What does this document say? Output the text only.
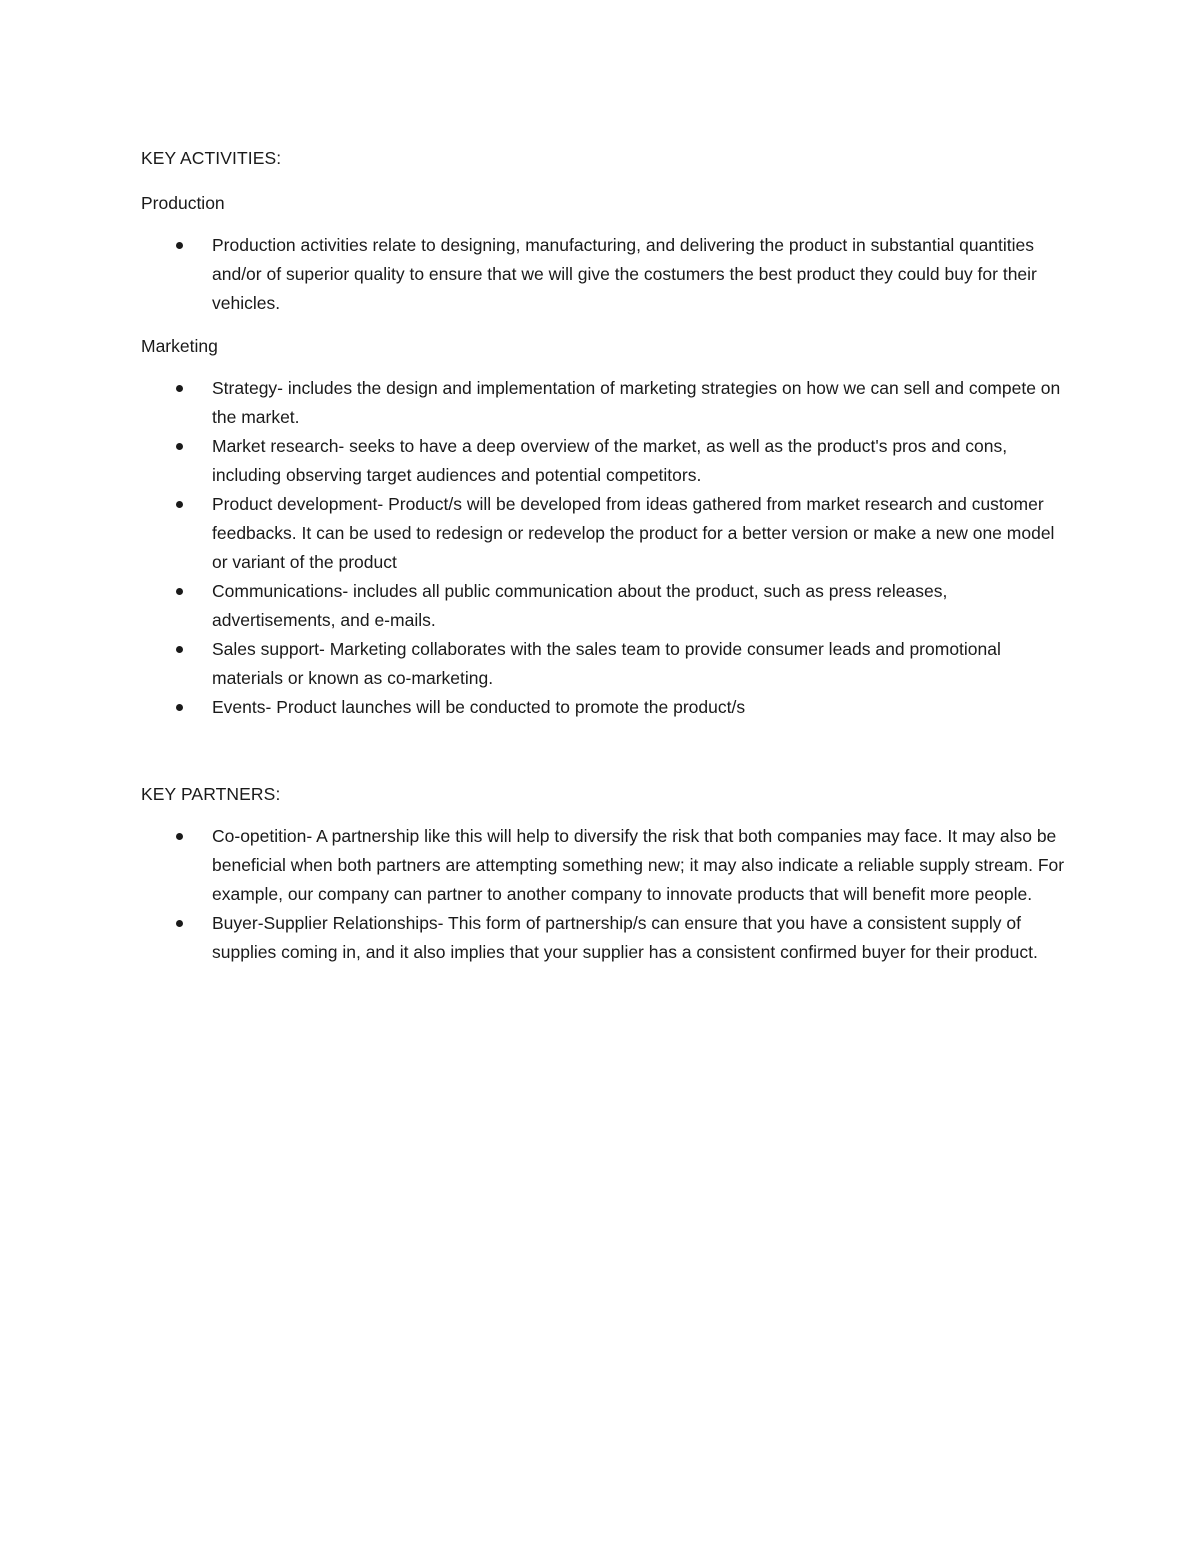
KEY ACTIVITIES:

Production

Production activities relate to designing, manufacturing, and delivering the product in substantial quantities and/or of superior quality to ensure that we will give the costumers the best product they could buy for their vehicles.

Marketing

Strategy- includes the design and implementation of marketing strategies on how we can sell and compete on the market.
Market research- seeks to have a deep overview of the market, as well as the product's pros and cons, including observing target audiences and potential competitors.
Product development- Product/s will be developed from ideas gathered from market research and customer feedbacks. It can be used to redesign or redevelop the product for a better version or make a new one model or variant of the product
Communications- includes all public communication about the product, such as press releases, advertisements, and e-mails.
Sales support- Marketing collaborates with the sales team to provide consumer leads and promotional materials or known as co-marketing.
Events- Product launches will be conducted to promote the product/s

KEY PARTNERS:

Co-opetition- A partnership like this will help to diversify the risk that both companies may face. It may also be beneficial when both partners are attempting something new; it may also indicate a reliable supply stream. For example, our company can partner to another company to innovate products that will benefit more people.
Buyer-Supplier Relationships- This form of partnership/s can ensure that you have a consistent supply of supplies coming in, and it also implies that your supplier has a consistent confirmed buyer for their product.
